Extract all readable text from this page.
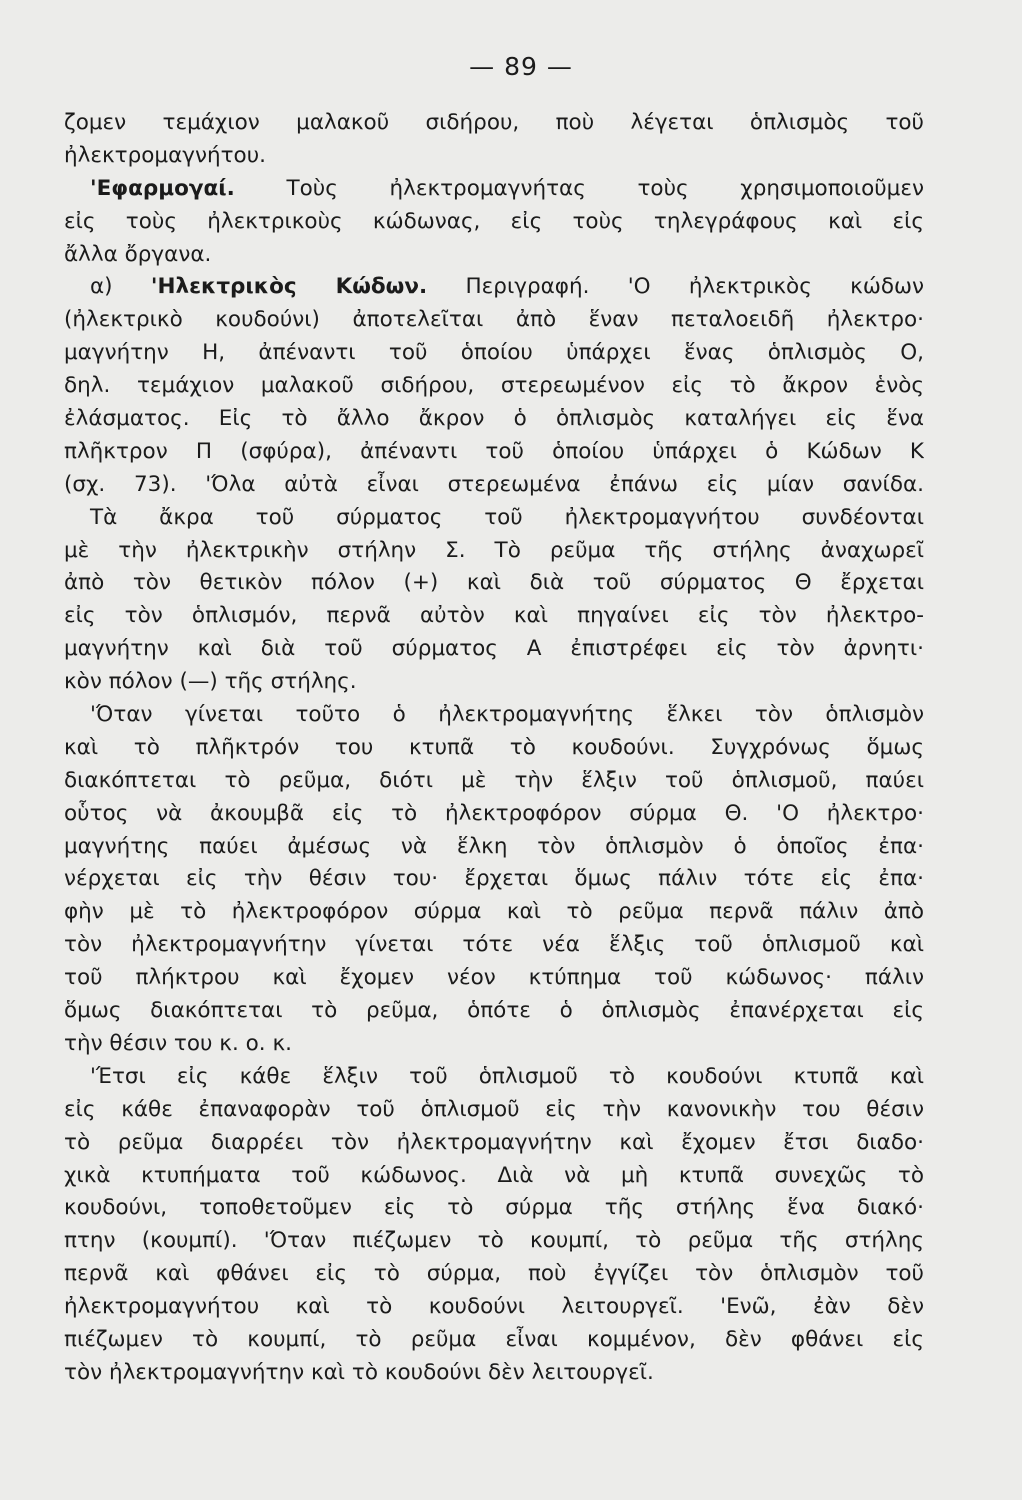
— 89 —
ζομεν τεμάχιον μαλακοῦ σιδήρου, ποὺ λέγεται ὁπλισμὸς τοῦ
ἠλεκτρομαγνήτου.
'Εφαρμογαί. Τοὺς ἠλεκτρομαγνήτας τοὺς χρησιμοποιοῦμεν
εἰς τοὺς ἠλεκτρικοὺς κώδωνας, εἰς τοὺς τηλεγράφους καὶ εἰς
ἄλλα ὄργανα.
α) 'Ηλεκτρικὸς Κώδων. Περιγραφή. 'Ο ἠλεκτρικὸς κώδων
(ἠλεκτρικὸ κουδούνι) ἀποτελεῖται ἀπὸ ἕναν πεταλοειδῆ ἠλεκτρο·
μαγνήτην Η, ἀπέναντι τοῦ ὁποίου ὑπάρχει ἕνας ὁπλισμὸς Ο,
δηλ. τεμάχιον μαλακοῦ σιδήρου, στερεωμένον εἰς τὸ ἄκρον ἑνὸς
ἐλάσματος. Εἰς τὸ ἄλλο ἄκρον ὁ ὁπλισμὸς καταλήγει εἰς ἕνα
πλῆκτρον Π (σφύρα), ἀπέναντι τοῦ ὁποίου ὑπάρχει ὁ Κώδων Κ
(σχ. 73). 'Όλα αὐτὰ εἶναι στερεωμένα ἐπάνω εἰς μίαν σανίδα.
Τὰ ἄκρα τοῦ σύρματος τοῦ ἠλεκτρομαγνήτου συνδέονται
μὲ τὴν ἠλεκτρικὴν στήλην Σ. Τὸ ρεῦμα τῆς στήλης ἀναχωρεῖ
ἀπὸ τὸν θετικὸν πόλον (+) καὶ διὰ τοῦ σύρματος Θ ἔρχεται
εἰς τὸν ὁπλισμόν, περνᾶ αὐτὸν καὶ πηγαίνει εἰς τὸν ἠλεκτρο-
μαγνήτην καὶ διὰ τοῦ σύρματος Α ἐπιστρέφει εἰς τὸν ἀρνητι·
κὸν πόλον (—) τῆς στήλης.
'Όταν γίνεται τοῦτο ὁ ἠλεκτρομαγνήτης ἕλκει τὸν ὁπλισμὸν
καὶ τὸ πλῆκτρόν του κτυπᾶ τὸ κουδούνι. Συγχρόνως ὅμως
διακόπτεται τὸ ρεῦμα, διότι μὲ τὴν ἕλξιν τοῦ ὁπλισμοῦ, παύει
οὗτος νὰ ἀκουμβᾶ εἰς τὸ ἠλεκτροφόρον σύρμα Θ. 'Ο ἠλεκτρο·
μαγνήτης παύει ἀμέσως νὰ ἕλκη τὸν ὁπλισμὸν ὁ ὁποῖος ἐπα·
νέρχεται εἰς τὴν θέσιν του· ἔρχεται ὅμως πάλιν τότε εἰς ἐπα·
φὴν μὲ τὸ ἠλεκτροφόρον σύρμα καὶ τὸ ρεῦμα περνᾶ πάλιν ἀπὸ
τὸν ἠλεκτρομαγνήτην γίνεται τότε νέα ἕλξις τοῦ ὁπλισμοῦ καὶ
τοῦ πλήκτρου καὶ ἔχομεν νέον κτύπημα τοῦ κώδωνος· πάλιν
ὅμως διακόπτεται τὸ ρεῦμα, ὁπότε ὁ ὁπλισμὸς ἐπανέρχεται εἰς
τὴν θέσιν του κ. ο. κ.
'Έτσι εἰς κάθε ἕλξιν τοῦ ὁπλισμοῦ τὸ κουδούνι κτυπᾶ καὶ
εἰς κάθε ἐπαναφορὰν τοῦ ὁπλισμοῦ εἰς τὴν κανονικὴν του θέσιν
τὸ ρεῦμα διαρρέει τὸν ἠλεκτρομαγνήτην καὶ ἔχομεν ἔτσι διαδο·
χικὰ κτυπήματα τοῦ κώδωνος. Διὰ νὰ μὴ κτυπᾶ συνεχῶς τὸ
κουδούνι, τοποθετοῦμεν εἰς τὸ σύρμα τῆς στήλης ἕνα διακό·
πτην (κουμπί). 'Όταν πιέζωμεν τὸ κουμπί, τὸ ρεῦμα τῆς στήλης
περνᾶ καὶ φθάνει εἰς τὸ σύρμα, ποὺ ἐγγίζει τὸν ὁπλισμὸν τοῦ
ἠλεκτρομαγνήτου καὶ τὸ κουδούνι λειτουργεῖ. 'Ενῶ, ἐὰν δὲν
πιέζωμεν τὸ κουμπί, τὸ ρεῦμα εἶναι κομμένον, δὲν φθάνει εἰς
τὸν ἠλεκτρομαγνήτην καὶ τὸ κουδούνι δὲν λειτουργεῖ.
